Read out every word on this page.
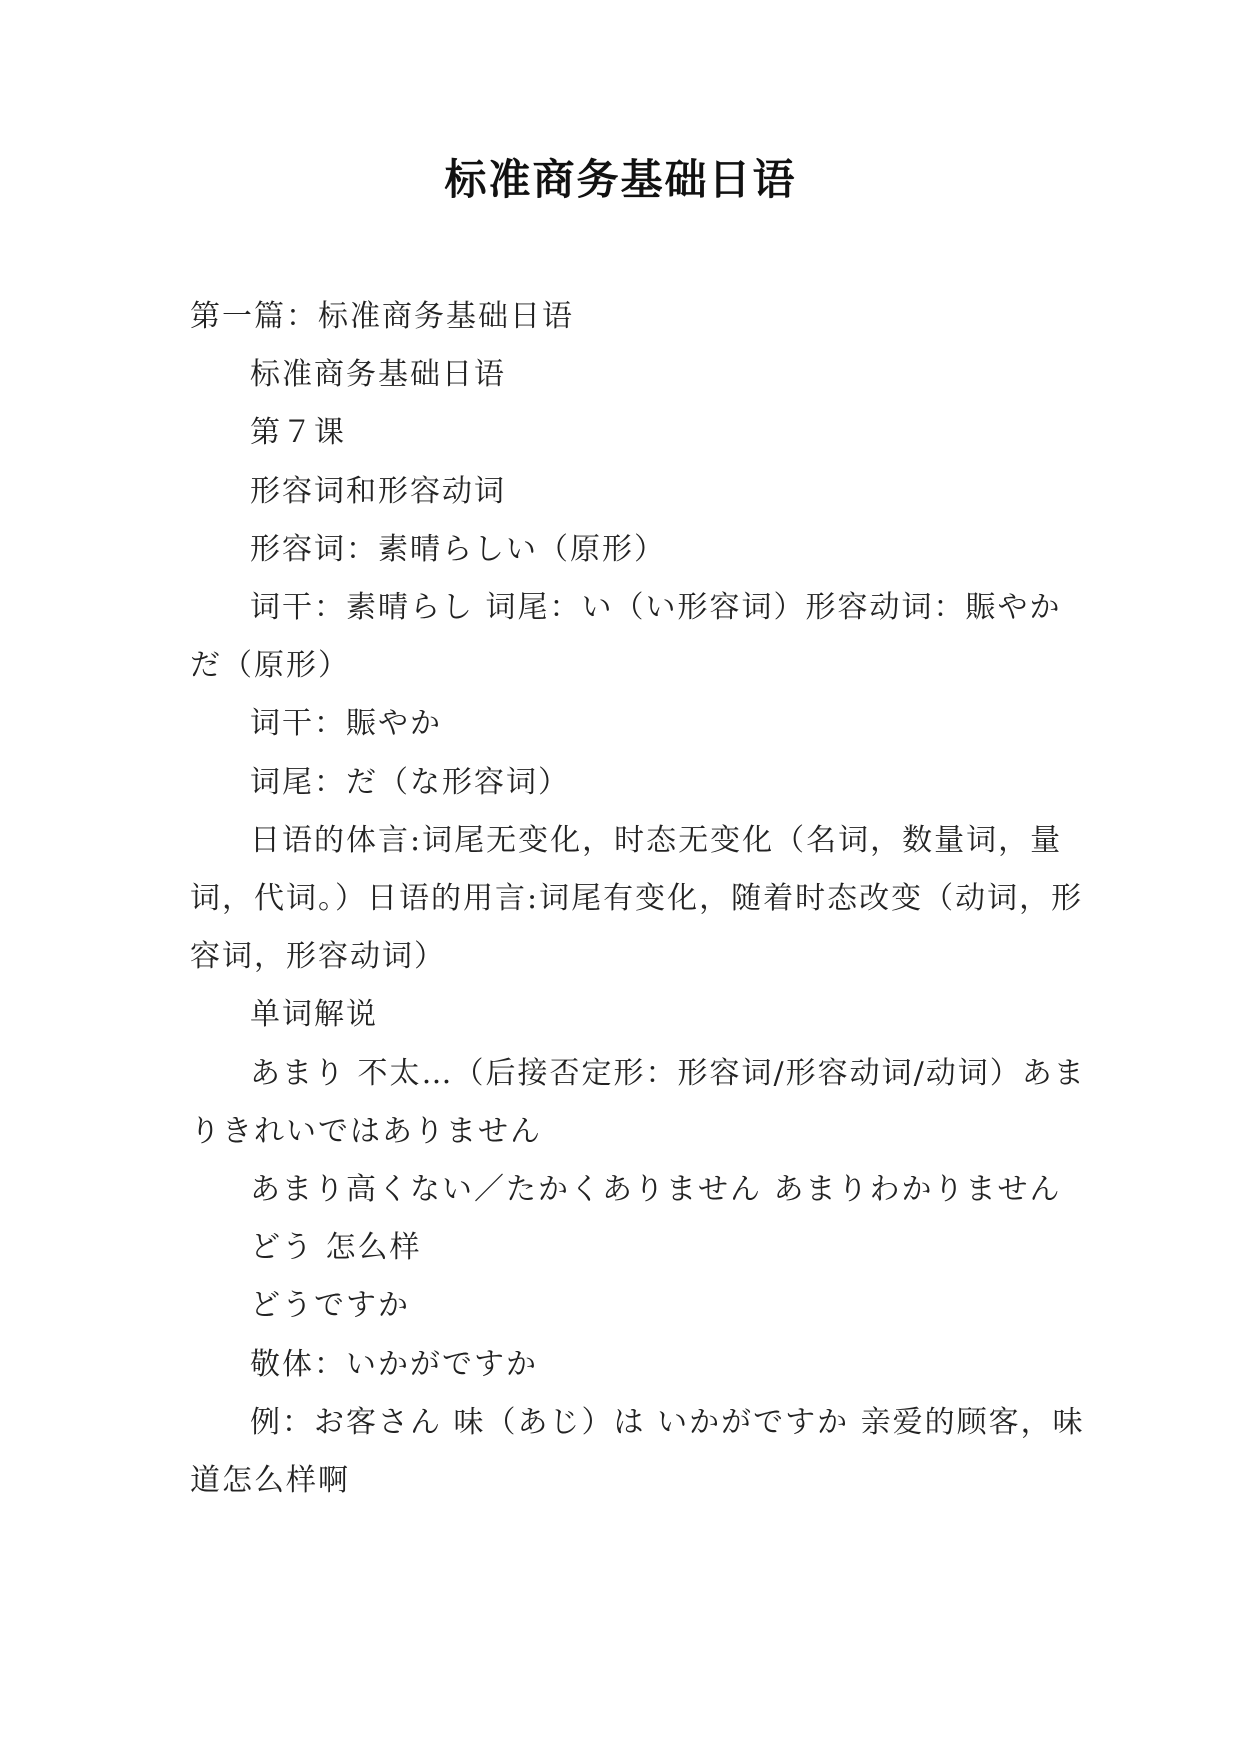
标准商务基础日语

第一篇：标准商务基础日语

标准商务基础日语

第７课

形容词和形容动词

形容词：素晴らしい（原形）

词干：素晴らし 词尾：い（い形容词）形容动词：賑やかだ（原形）

词干：賑やか

词尾：だ（な形容词）

日语的体言:词尾无变化，时态无变化（名词，数量词，量词，代词。）日语的用言:词尾有变化，随着时态改变（动词，形容词，形容动词）

单词解说

あまり 不太…（后接否定形：形容词/形容动词/动词）あまりきれいではありません

あまり高くない／たかくありません あまりわかりません

どう 怎么样

どうですか

敬体：いかがですか

例：お客さん 味（あじ）は いかがですか 亲爱的顾客，味道怎么样啊
